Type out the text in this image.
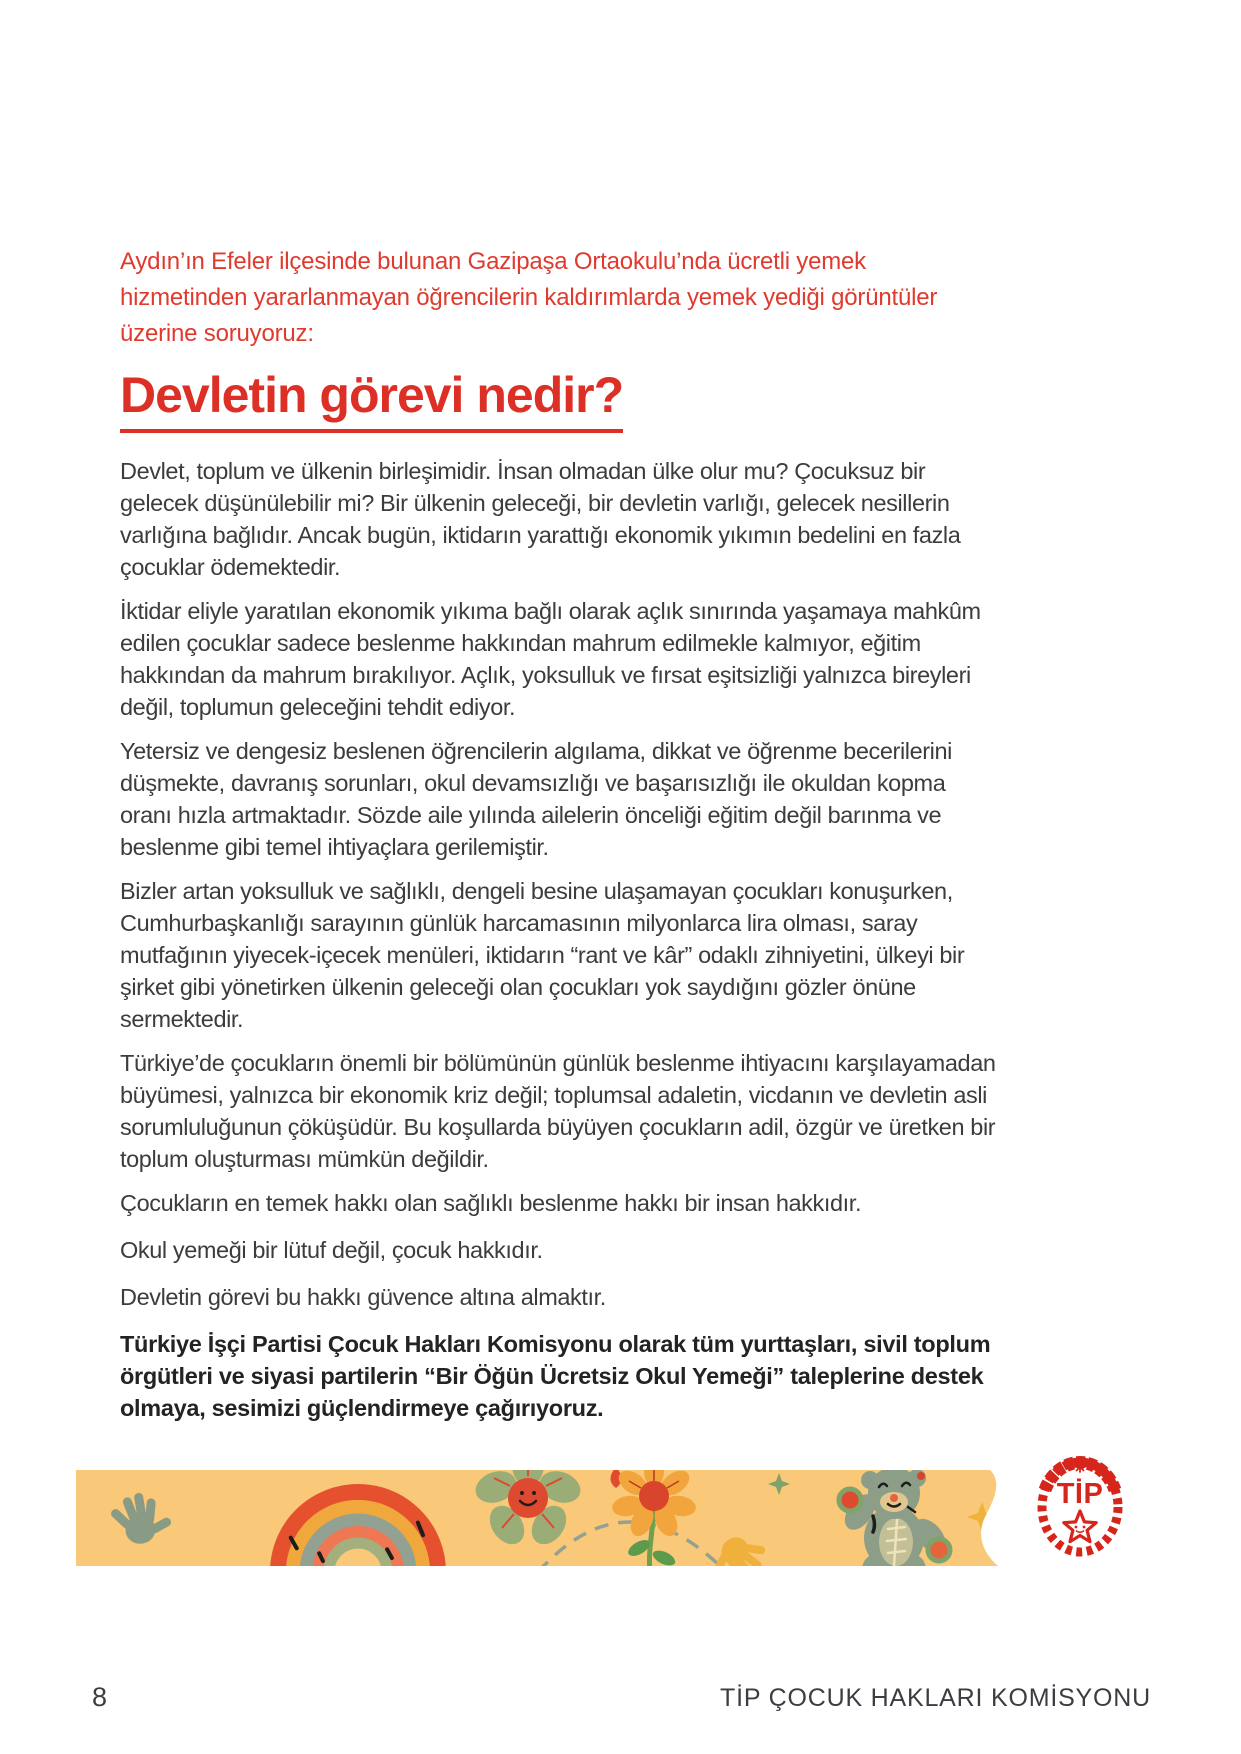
Aydın’ın Efeler ilçesinde bulunan Gazipaşa Ortaokulu’nda ücretli yemek hizmetinden yararlanmayan öğrencilerin kaldırımlarda yemek yediği görüntüler üzerine soruyoruz:

Devletin görevi nedir?

Devlet, toplum ve ülkenin birleşimidir. İnsan olmadan ülke olur mu? Çocuksuz bir gelecek düşünülebilir mi? Bir ülkenin geleceği, bir devletin varlığı, gelecek nesillerin varlığına bağlıdır. Ancak bugün, iktidarın yarattığı ekonomik yıkımın bedelini en fazla çocuklar ödemektedir.

İktidar eliyle yaratılan ekonomik yıkıma bağlı olarak açlık sınırında yaşamaya mahkûm edilen çocuklar sadece beslenme hakkından mahrum edilmekle kalmıyor, eğitim hakkından da mahrum bırakılıyor. Açlık, yoksulluk ve fırsat eşitsizliği yalnızca bireyleri değil, toplumun geleceğini tehdit ediyor.

Yetersiz ve dengesiz beslenen öğrencilerin algılama, dikkat ve öğrenme becerilerini düşmekte, davranış sorunları, okul devamsızlığı ve başarısızlığı ile okuldan kopma oranı hızla artmaktadır. Sözde aile yılında ailelerin önceliği eğitim değil barınma ve beslenme gibi temel ihtiyaçlara gerilemiştir.

Bizler artan yoksulluk ve sağlıklı, dengeli besine ulaşamayan çocukları konuşurken, Cumhurbaşkanlığı sarayının günlük harcamasının milyonlarca lira olması, saray mutfağının yiyecek-içecek menüleri, iktidarın “rant ve kâr” odaklı zihniyetini, ülkeyi bir şirket gibi yönetirken ülkenin geleceği olan çocukları yok saydığını gözler önüne sermektedir.

Türkiye’de çocukların önemli bir bölümünün günlük beslenme ihtiyacını karşılayamadan büyümesi, yalnızca bir ekonomik kriz değil; toplumsal adaletin, vicdanın ve devletin asli sorumluluğunun çöküşüdür. Bu koşullarda büyüyen çocukların adil, özgür ve üretken bir toplum oluşturması mümkün değildir.

Çocukların en temek hakkı olan sağlıklı beslenme hakkı bir insan hakkıdır.

Okul yemeği bir lütuf değil, çocuk hakkıdır.

Devletin görevi bu hakkı güvence altına almaktır.

Türkiye İşçi Partisi Çocuk Hakları Komisyonu olarak tüm yurttaşları, sivil toplum örgütleri ve siyasi partilerin “Bir Öğün Ücretsiz Okul Yemeği” taleplerine destek olmaya, sesimizi güçlendirmeye çağırıyoruz.

TİP
8	TİP ÇOCUK HAKLARI KOMİSYONU
